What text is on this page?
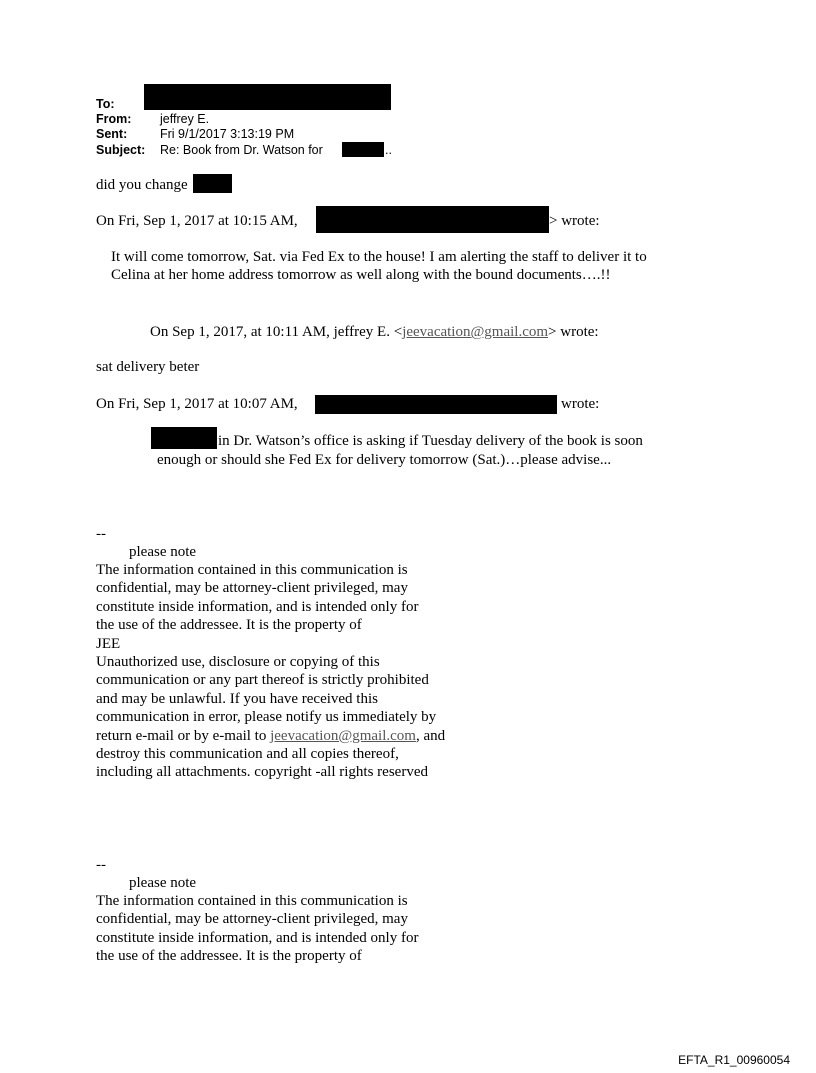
To:
From: jeffrey E.
Sent:	Fri 9/1/2017 3:13:19 PM
Subject: Re: Book from Dr. Watson for	..
did you change
On Fri, Sep 1, 2017 at 10:15 AM,	> wrote:
It will come tomorrow, Sat. via Fed Ex to the house! I am alerting the staff to deliver it to
Celina at her home address tomorrow as well along with the bound documents….!!
On Sep 1, 2017, at 10:11 AM, jeffrey E. <jeevacation@gmail.com> wrote:
sat delivery beter
On Fri, Sep 1, 2017 at 10:07 AM,	wrote:
in Dr. Watson’s office is asking if Tuesday delivery of the book is soon
enough or should she Fed Ex for delivery tomorrow (Sat.)…please advise...
--
please note
The information contained in this communication is
confidential, may be attorney-client privileged, may
constitute inside information, and is intended only for
the use of the addressee. It is the property of
JEE
Unauthorized use, disclosure or copying of this
communication or any part thereof is strictly prohibited
and may be unlawful. If you have received this
communication in error, please notify us immediately by
return e-mail or by e-mail to jeevacation@gmail.com, and
destroy this communication and all copies thereof,
including all attachments. copyright -all rights reserved
--
please note
The information contained in this communication is
confidential, may be attorney-client privileged, may
constitute inside information, and is intended only for
the use of the addressee. It is the property of
EFTA_R1_00960054
